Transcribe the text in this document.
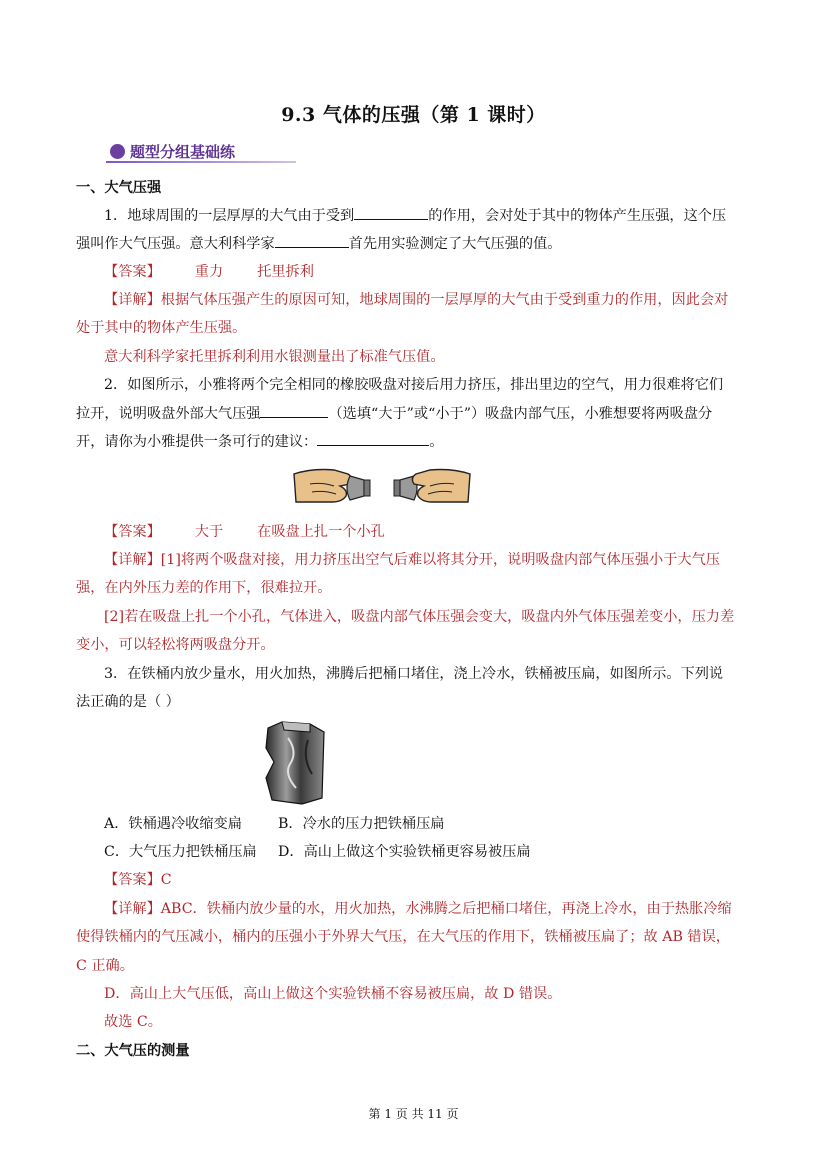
9.3 气体的压强（第 1 课时）
题型分组基础练
一、大气压强
1．地球周围的一层厚厚的大气由于受到	的作用，会对处于其中的物体产生压强，这个压
强叫作大气压强。意大利科学家	首先用实验测定了大气压强的值。
【答案】 重力 托里拆利
【详解】根据气体压强产生的原因可知，地球周围的一层厚厚的大气由于受到重力的作用，因此会对
处于其中的物体产生压强。
意大利科学家托里拆利利用水银测量出了标准气压值。
2．如图所示，小雅将两个完全相同的橡胶吸盘对接后用力挤压，排出里边的空气，用力很难将它们
拉开，说明吸盘外部大气压强	（选填“大于”或“小于”）吸盘内部气压，小雅想要将两吸盘分
开，请你为小雅提供一条可行的建议：	。
【答案】 大于 在吸盘上扎一个小孔
【详解】[1]将两个吸盘对接，用力挤压出空气后难以将其分开，说明吸盘内部气体压强小于大气压
强，在内外压力差的作用下，很难拉开。
[2]若在吸盘上扎一个小孔，气体进入，吸盘内部气体压强会变大，吸盘内外气体压强差变小，压力差
变小，可以轻松将两吸盘分开。
3．在铁桶内放少量水，用火加热，沸腾后把桶口堵住，浇上冷水，铁桶被压扁，如图所示。下列说
法正确的是（ ）
A．铁桶遇冷收缩变扁	B．冷水的压力把铁桶压扁
C．大气压力把铁桶压扁 D．高山上做这个实验铁桶更容易被压扁
【答案】C
【详解】ABC．铁桶内放少量的水，用火加热，水沸腾之后把桶口堵住，再浇上冷水，由于热胀冷缩
使得铁桶内的气压减小，桶内的压强小于外界大气压，在大气压的作用下，铁桶被压扁了；故 AB 错误，
C 正确。
D．高山上大气压低，高山上做这个实验铁桶不容易被压扁，故 D 错误。
故选 C。
二、大气压的测量
第 1 页 共 11 页
